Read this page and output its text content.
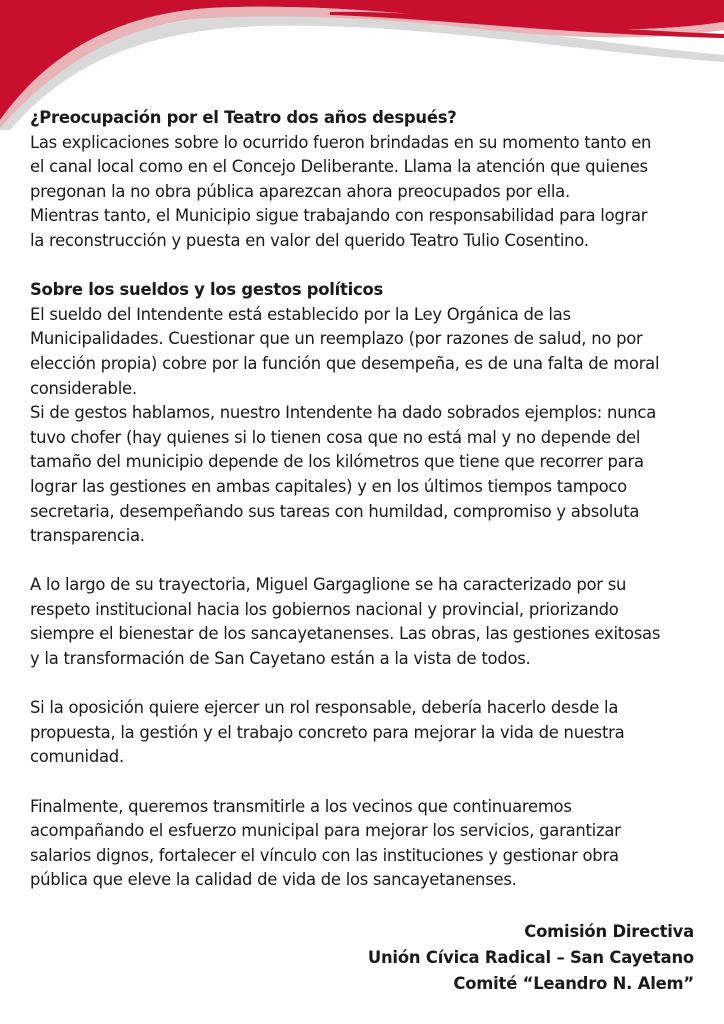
¿Preocupación por el Teatro dos años después?

Las explicaciones sobre lo ocurrido fueron brindadas en su momento tanto en

el canal local como en el Concejo Deliberante. Llama la atención que quienes

pregonan la no obra pública aparezcan ahora preocupados por ella.

Mientras tanto, el Municipio sigue trabajando con responsabilidad para lograr

la reconstrucción y puesta en valor del querido Teatro Tulio Cosentino.

Sobre los sueldos y los gestos políticos

El sueldo del Intendente está establecido por la Ley Orgánica de las

Municipalidades. Cuestionar que un reemplazo (por razones de salud, no por

elección propia) cobre por la función que desempeña, es de una falta de moral

considerable.

Si de gestos hablamos, nuestro Intendente ha dado sobrados ejemplos: nunca

tuvo chofer (hay quienes si lo tienen cosa que no está mal y no depende del

tamaño del municipio depende de los kilómetros que tiene que recorrer para

lograr las gestiones en ambas capitales) y en los últimos tiempos tampoco

secretaria, desempeñando sus tareas con humildad, compromiso y absoluta

transparencia.

A lo largo de su trayectoria, Miguel Gargaglione se ha caracterizado por su

respeto institucional hacia los gobiernos nacional y provincial, priorizando

siempre el bienestar de los sancayetanenses. Las obras, las gestiones exitosas

y la transformación de San Cayetano están a la vista de todos.

Si la oposición quiere ejercer un rol responsable, debería hacerlo desde la

propuesta, la gestión y el trabajo concreto para mejorar la vida de nuestra

comunidad.

Finalmente, queremos transmitirle a los vecinos que continuaremos

acompañando el esfuerzo municipal para mejorar los servicios, garantizar

salarios dignos, fortalecer el vínculo con las instituciones y gestionar obra

pública que eleve la calidad de vida de los sancayetanenses.

Comisión Directiva
Unión Cívica Radical – San Cayetano
Comité “Leandro N. Alem”
